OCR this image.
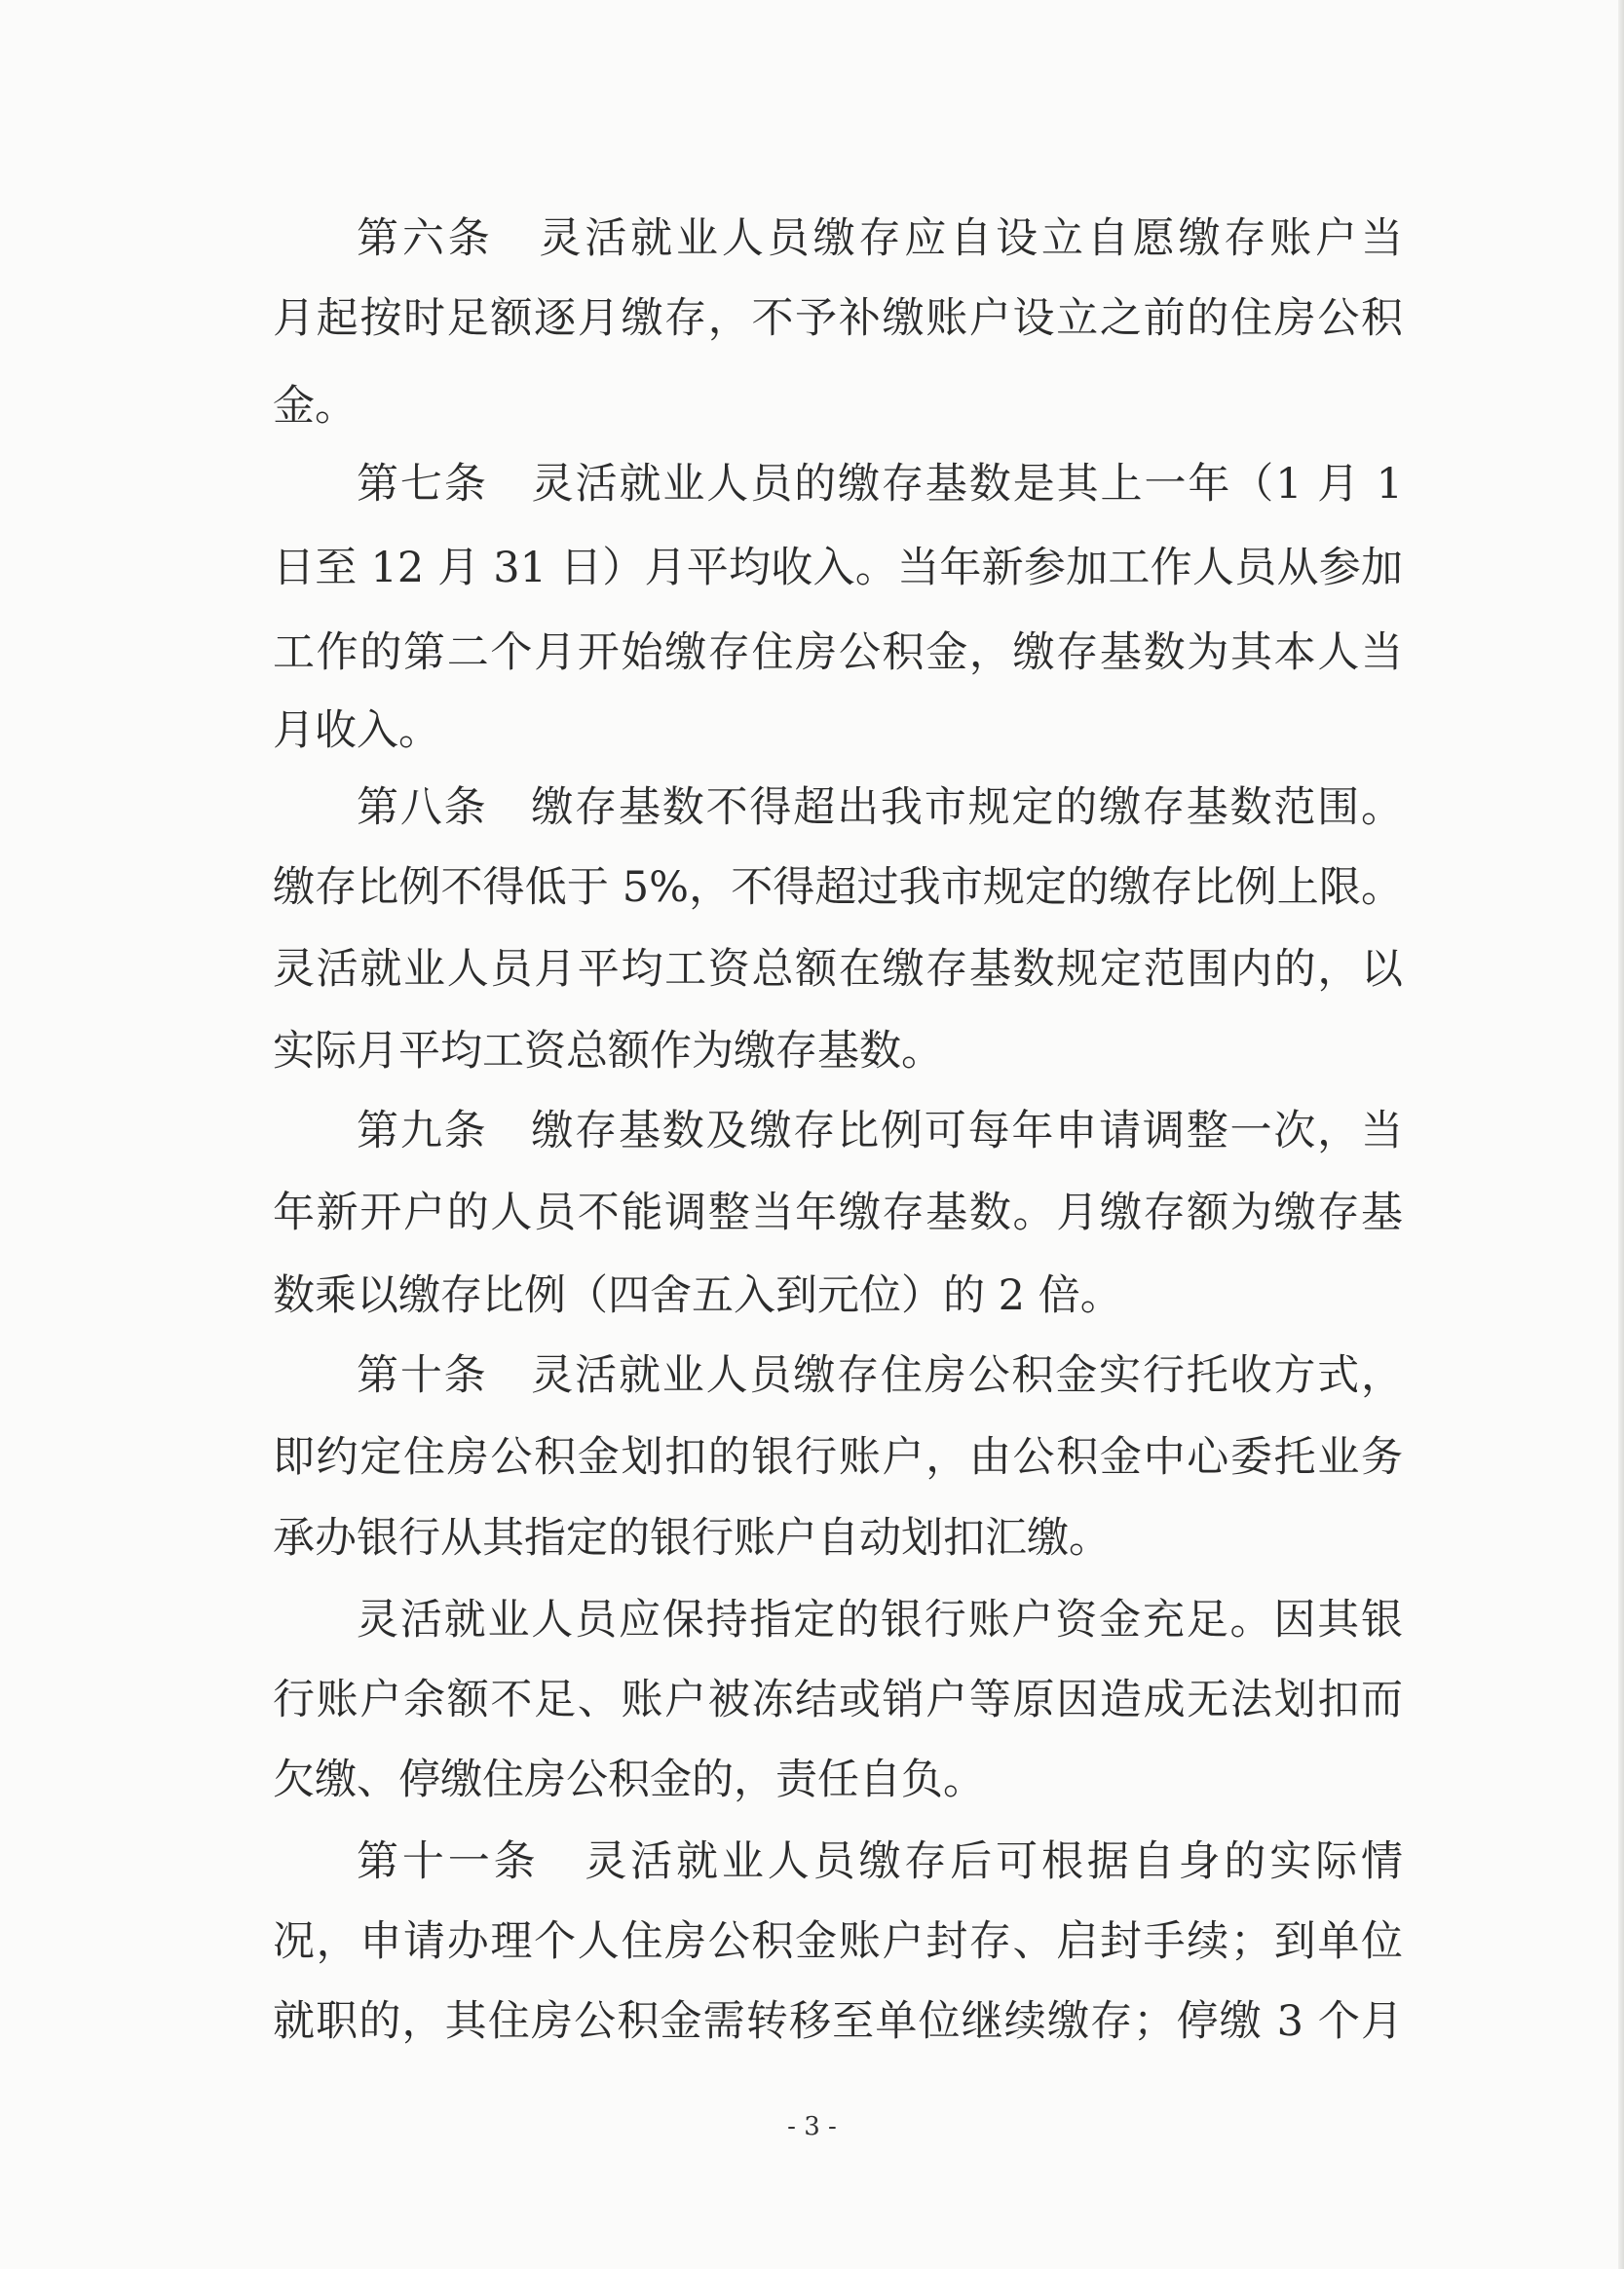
第六条　灵活就业人员缴存应自设立自愿缴存账户当
月起按时足额逐月缴存，不予补缴账户设立之前的住房公积
金。
第七条　灵活就业人员的缴存基数是其上一年（1 月 1
日至 12 月 31 日）月平均收入。当年新参加工作人员从参加
工作的第二个月开始缴存住房公积金，缴存基数为其本人当
月收入。
第八条　缴存基数不得超出我市规定的缴存基数范围。
缴存比例不得低于 5%，不得超过我市规定的缴存比例上限。
灵活就业人员月平均工资总额在缴存基数规定范围内的，以
实际月平均工资总额作为缴存基数。
第九条　缴存基数及缴存比例可每年申请调整一次，当
年新开户的人员不能调整当年缴存基数。月缴存额为缴存基
数乘以缴存比例（四舍五入到元位）的 2 倍。
第十条　灵活就业人员缴存住房公积金实行托收方式，
即约定住房公积金划扣的银行账户，由公积金中心委托业务
承办银行从其指定的银行账户自动划扣汇缴。
灵活就业人员应保持指定的银行账户资金充足。因其银
行账户余额不足、账户被冻结或销户等原因造成无法划扣而
欠缴、停缴住房公积金的，责任自负。
第十一条　灵活就业人员缴存后可根据自身的实际情
况，申请办理个人住房公积金账户封存、启封手续；到单位
就职的，其住房公积金需转移至单位继续缴存；停缴 3 个月
- 3 -
